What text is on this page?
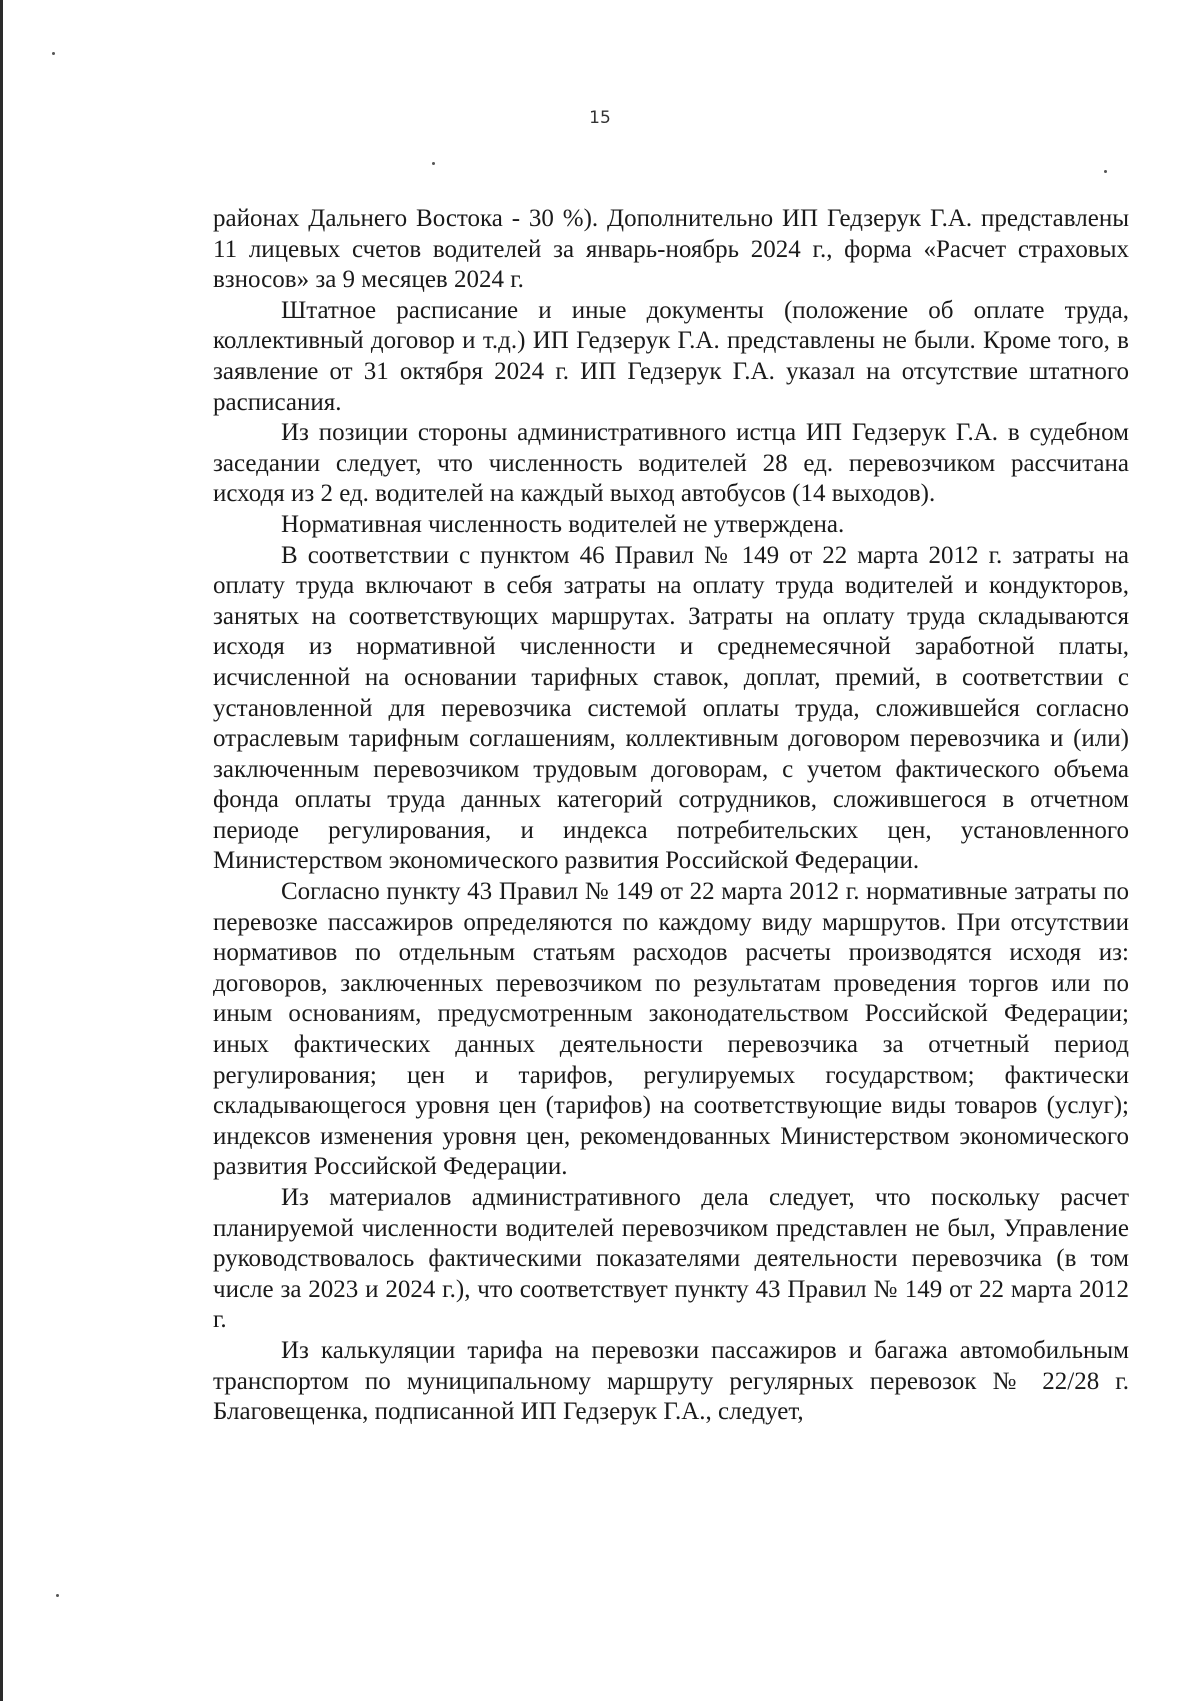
15

районах Дальнего Востока - 30 %). Дополнительно ИП Гедзерук Г.А. представлены 11 лицевых счетов водителей за январь-ноябрь 2024 г., форма «Расчет страховых взносов» за 9 месяцев 2024 г.

Штатное расписание и иные документы (положение об оплате труда, коллективный договор и т.д.) ИП Гедзерук Г.А. представлены не были. Кроме того, в заявление от 31 октября 2024 г. ИП Гедзерук Г.А. указал на отсутствие штатного расписания.

Из позиции стороны административного истца ИП Гедзерук Г.А. в судебном заседании следует, что численность водителей 28 ед. перевозчиком рассчитана исходя из 2 ед. водителей на каждый выход автобусов (14 выходов).

Нормативная численность водителей не утверждена.

В соответствии с пунктом 46 Правил № 149 от 22 марта 2012 г. затраты на оплату труда включают в себя затраты на оплату труда водителей и кондукторов, занятых на соответствующих маршрутах. Затраты на оплату труда складываются исходя из нормативной численности и среднемесячной заработной платы, исчисленной на основании тарифных ставок, доплат, премий, в соответствии с установленной для перевозчика системой оплаты труда, сложившейся согласно отраслевым тарифным соглашениям, коллективным договором перевозчика и (или) заключенным перевозчиком трудовым договорам, с учетом фактического объема фонда оплаты труда данных категорий сотрудников, сложившегося в отчетном периоде регулирования, и индекса потребительских цен, установленного Министерством экономического развития Российской Федерации.

Согласно пункту 43 Правил № 149 от 22 марта 2012 г. нормативные затраты по перевозке пассажиров определяются по каждому виду маршрутов. При отсутствии нормативов по отдельным статьям расходов расчеты производятся исходя из: договоров, заключенных перевозчиком по результатам проведения торгов или по иным основаниям, предусмотренным законодательством Российской Федерации; иных фактических данных деятельности перевозчика за отчетный период регулирования; цен и тарифов, регулируемых государством; фактически складывающегося уровня цен (тарифов) на соответствующие виды товаров (услуг); индексов изменения уровня цен, рекомендованных Министерством экономического развития Российской Федерации.

Из материалов административного дела следует, что поскольку расчет планируемой численности водителей перевозчиком представлен не был, Управление руководствовалось фактическими показателями деятельности перевозчика (в том числе за 2023 и 2024 г.), что соответствует пункту 43 Правил № 149 от 22 марта 2012 г.

Из калькуляции тарифа на перевозки пассажиров и багажа автомобильным транспортом по муниципальному маршруту регулярных перевозок № 22/28 г. Благовещенка, подписанной ИП Гедзерук Г.А., следует,
